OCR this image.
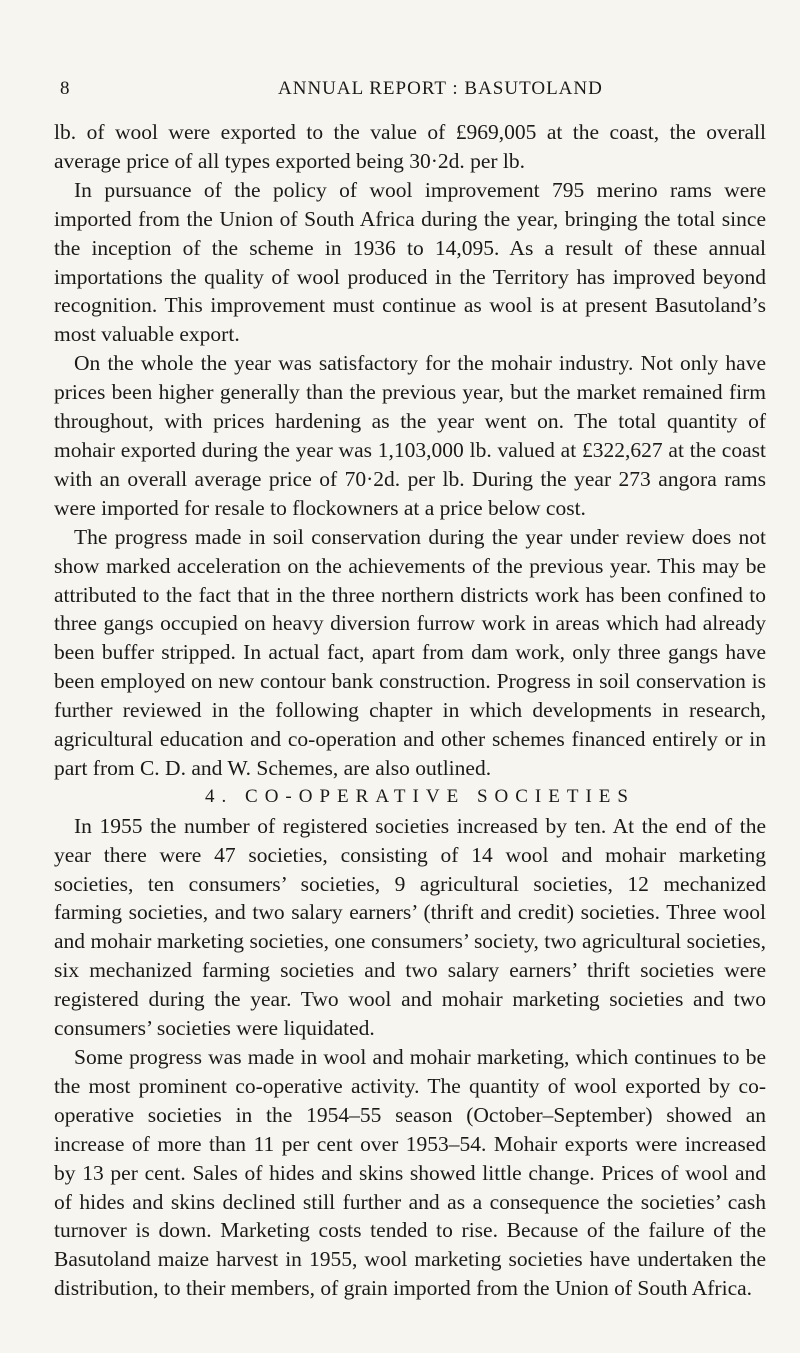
8	ANNUAL REPORT : BASUTOLAND

lb. of wool were exported to the value of £969,005 at the coast, the overall average price of all types exported being 30·2d. per lb.

In pursuance of the policy of wool improvement 795 merino rams were imported from the Union of South Africa during the year, bringing the total since the inception of the scheme in 1936 to 14,095. As a result of these annual importations the quality of wool produced in the Territory has improved beyond recognition. This improvement must continue as wool is at present Basutoland’s most valuable export.

On the whole the year was satisfactory for the mohair industry. Not only have prices been higher generally than the previous year, but the market remained firm throughout, with prices hardening as the year went on. The total quantity of mohair exported during the year was 1,103,000 lb. valued at £322,627 at the coast with an overall average price of 70·2d. per lb. During the year 273 angora rams were imported for resale to flockowners at a price below cost.

The progress made in soil conservation during the year under review does not show marked acceleration on the achievements of the previous year. This may be attributed to the fact that in the three northern districts work has been confined to three gangs occupied on heavy diversion furrow work in areas which had already been buffer stripped. In actual fact, apart from dam work, only three gangs have been employed on new contour bank construction. Progress in soil conservation is further reviewed in the following chapter in which developments in research, agricultural education and co-operation and other schemes financed entirely or in part from C. D. and W. Schemes, are also outlined.

4. CO-OPERATIVE SOCIETIES

In 1955 the number of registered societies increased by ten. At the end of the year there were 47 societies, consisting of 14 wool and mohair marketing societies, ten consumers’ societies, 9 agricultural societies, 12 mechanized farming societies, and two salary earners’ (thrift and credit) societies. Three wool and mohair marketing societies, one consumers’ society, two agricultural societies, six mechanized farming societies and two salary earners’ thrift societies were registered during the year. Two wool and mohair marketing societies and two consumers’ societies were liquidated.

Some progress was made in wool and mohair marketing, which continues to be the most prominent co-operative activity. The quantity of wool exported by co-operative societies in the 1954–55 season (October–September) showed an increase of more than 11 per cent over 1953–54. Mohair exports were increased by 13 per cent. Sales of hides and skins showed little change. Prices of wool and of hides and skins declined still further and as a consequence the societies’ cash turnover is down. Marketing costs tended to rise. Because of the failure of the Basutoland maize harvest in 1955, wool marketing societies have undertaken the distribution, to their members, of grain imported from the Union of South Africa.
